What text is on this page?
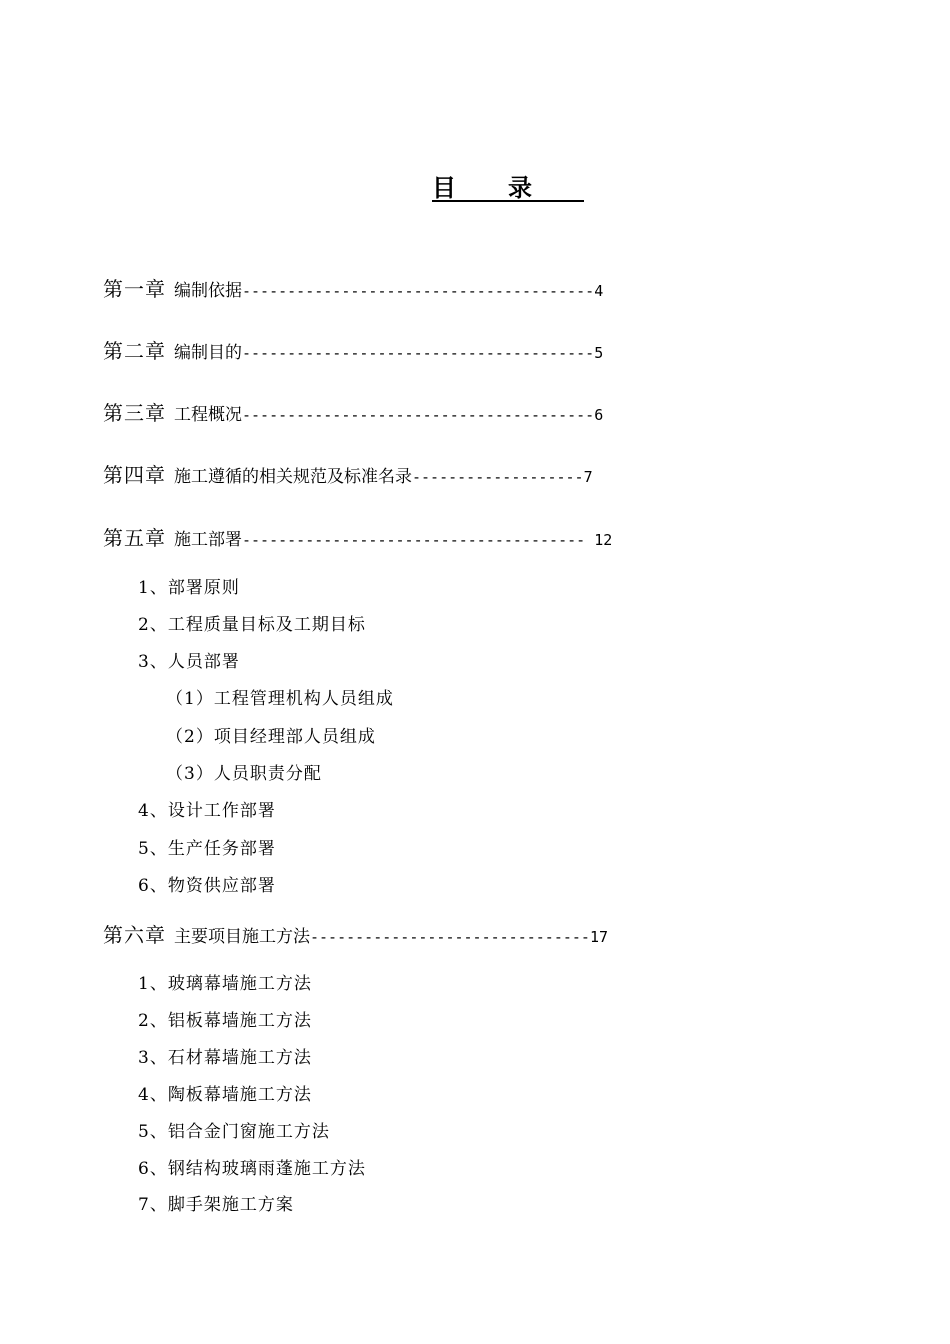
目录
第一章 编制依据---------------------------------------4
第二章 编制目的---------------------------------------5
第三章 工程概况---------------------------------------6
第四章 施工遵循的相关规范及标准名录-------------------7
第五章 施工部署-------------------------------------- 12
1、部署原则
2、工程质量目标及工期目标
3、人员部署
（1）工程管理机构人员组成
（2）项目经理部人员组成
（3）人员职责分配
4、设计工作部署
5、生产任务部署
6、物资供应部署
第六章 主要项目施工方法-------------------------------17
1、玻璃幕墙施工方法
2、铝板幕墙施工方法
3、石材幕墙施工方法
4、陶板幕墙施工方法
5、铝合金门窗施工方法
6、钢结构玻璃雨蓬施工方法
7、脚手架施工方案
